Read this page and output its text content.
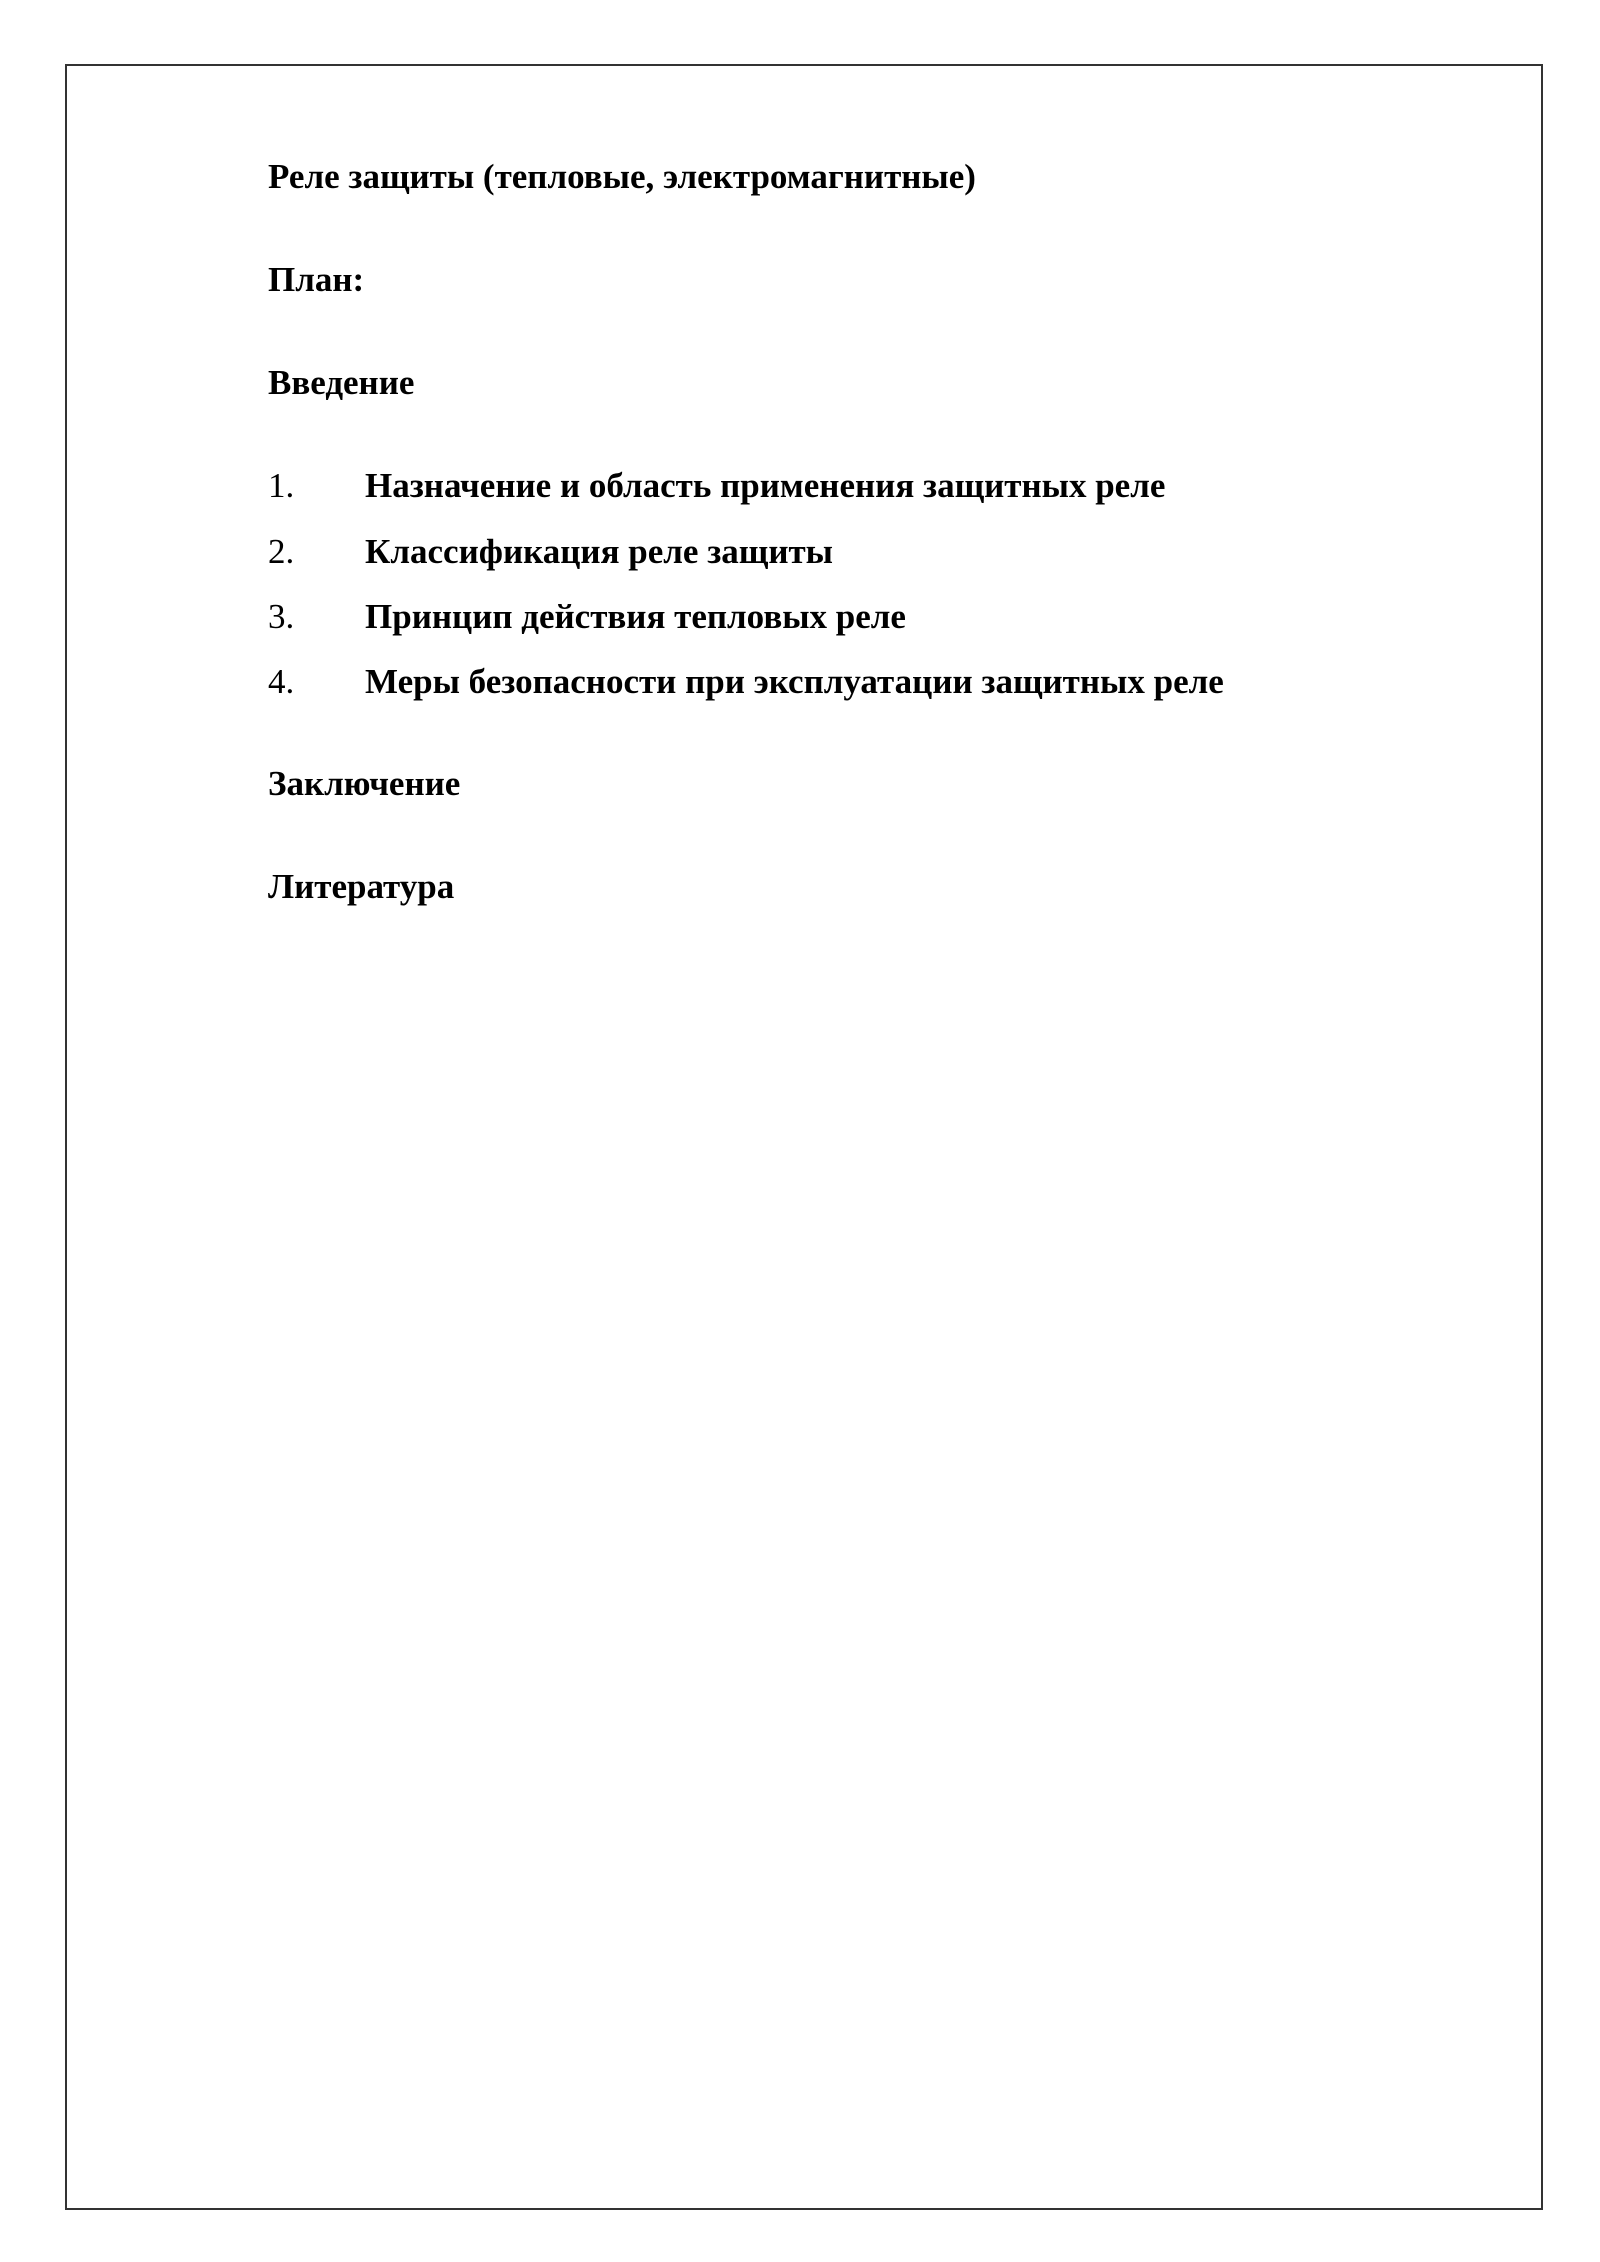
Реле защиты (тепловые, электромагнитные)
План:
Введение
1. Назначение и область применения защитных реле
2. Классификация реле защиты
3. Принцип действия тепловых реле
4. Меры безопасности при эксплуатации защитных реле
Заключение
Литература
